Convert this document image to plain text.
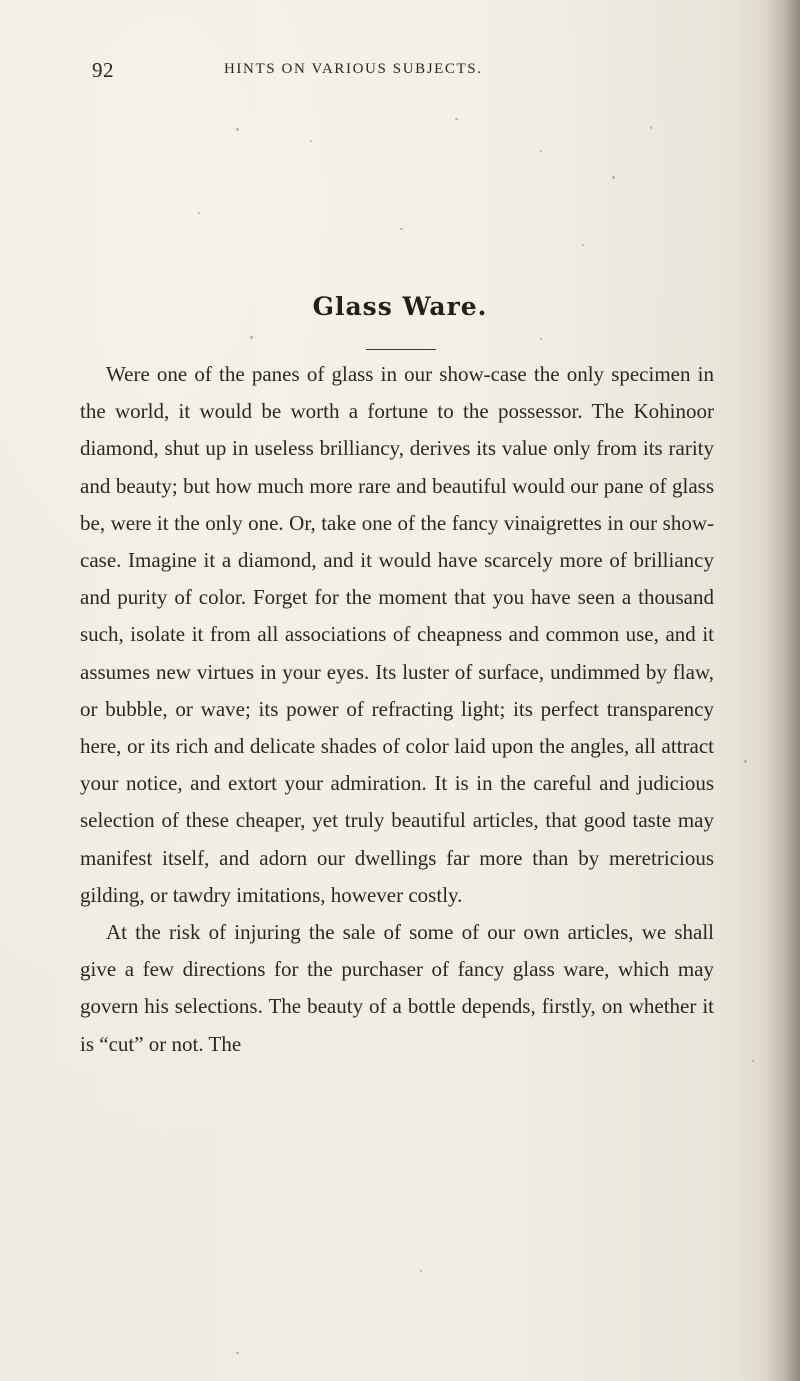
92	HINTS ON VARIOUS SUBJECTS.
Glass Ware.

Were one of the panes of glass in our show-case the only specimen in the world, it would be worth a fortune to the possessor. The Kohinoor diamond, shut up in useless brilliancy, derives its value only from its rarity and beauty; but how much more rare and beautiful would our pane of glass be, were it the only one. Or, take one of the fancy vinaigrettes in our show-case. Imagine it a diamond, and it would have scarcely more of brilliancy and purity of color. Forget for the moment that you have seen a thousand such, isolate it from all associations of cheapness and common use, and it assumes new virtues in your eyes. Its luster of surface, undimmed by flaw, or bubble, or wave; its power of refracting light; its perfect transparency here, or its rich and delicate shades of color laid upon the angles, all attract your notice, and extort your admiration. It is in the careful and judicious selection of these cheaper, yet truly beautiful articles, that good taste may manifest itself, and adorn our dwellings far more than by meretricious gilding, or tawdry imitations, however costly.

At the risk of injuring the sale of some of our own articles, we shall give a few directions for the purchaser of fancy glass ware, which may govern his selections. The beauty of a bottle depends, firstly, on whether it is “cut” or not. The
